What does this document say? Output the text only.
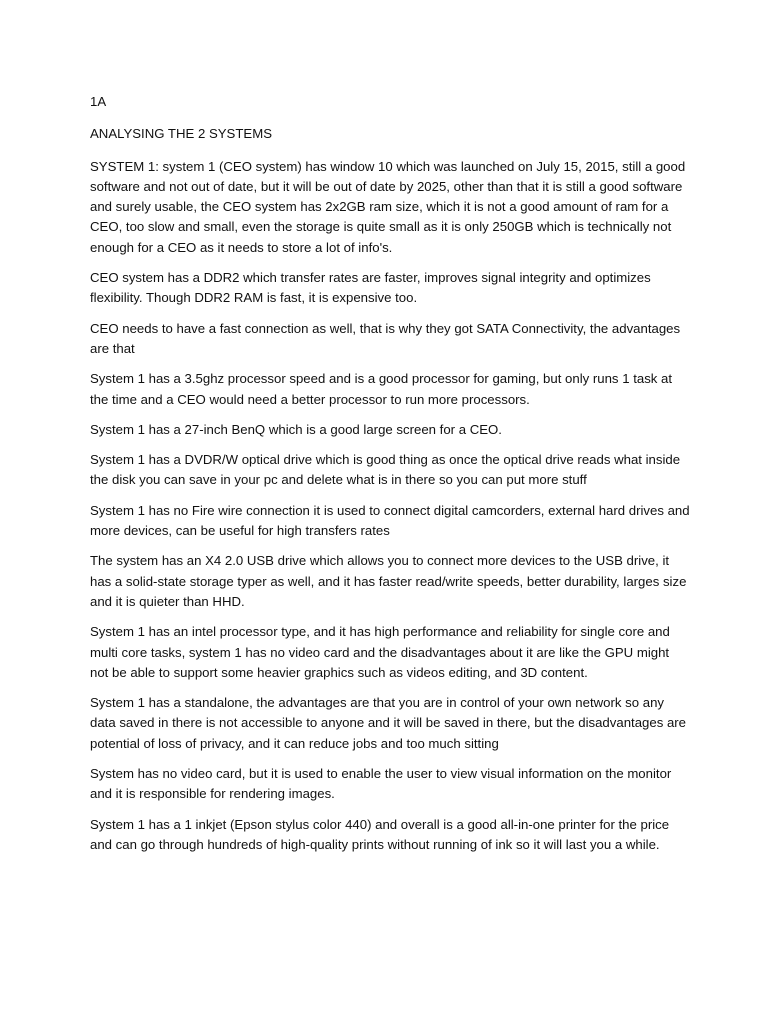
1A

ANALYSING THE 2 SYSTEMS

SYSTEM 1: system 1 (CEO system) has window 10 which was launched on July 15, 2015, still a good software and not out of date, but it will be out of date by 2025, other than that it is still a good software and surely usable, the CEO system has 2x2GB ram size, which it is not a good amount of ram for a CEO, too slow and small, even the storage is quite small as it is only 250GB which is technically not enough for a CEO as it needs to store a lot of info's.

CEO system has a DDR2 which transfer rates are faster, improves signal integrity and optimizes flexibility. Though DDR2 RAM is fast, it is expensive too.

CEO needs to have a fast connection as well, that is why they got SATA Connectivity, the advantages are that

System 1 has a 3.5ghz processor speed and is a good processor for gaming, but only runs 1 task at the time and a CEO would need a better processor to run more processors.

System 1 has a 27-inch BenQ which is a good large screen for a CEO.

System 1 has a DVDR/W optical drive which is good thing as once the optical drive reads what inside the disk you can save in your pc and delete what is in there so you can put more stuff

System 1 has no Fire wire connection it is used to connect digital camcorders, external hard drives and more devices, can be useful for high transfers rates

The system has an X4 2.0 USB drive which allows you to connect more devices to the USB drive, it has a solid-state storage typer as well, and it has faster read/write speeds, better durability, larges size and it is quieter than HHD.

System 1 has an intel processor type, and it has high performance and reliability for single core and multi core tasks, system 1 has no video card and the disadvantages about it are like the GPU might not be able to support some heavier graphics such as videos editing, and 3D content.

System 1 has a standalone, the advantages are that you are in control of your own network so any data saved in there is not accessible to anyone and it will be saved in there, but the disadvantages are potential of loss of privacy, and it can reduce jobs and too much sitting

System has no video card, but it is used to enable the user to view visual information on the monitor and it is responsible for rendering images.

System 1 has a 1 inkjet (Epson stylus color 440) and overall is a good all-in-one printer for the price and can go through hundreds of high-quality prints without running of ink so it will last you a while.
